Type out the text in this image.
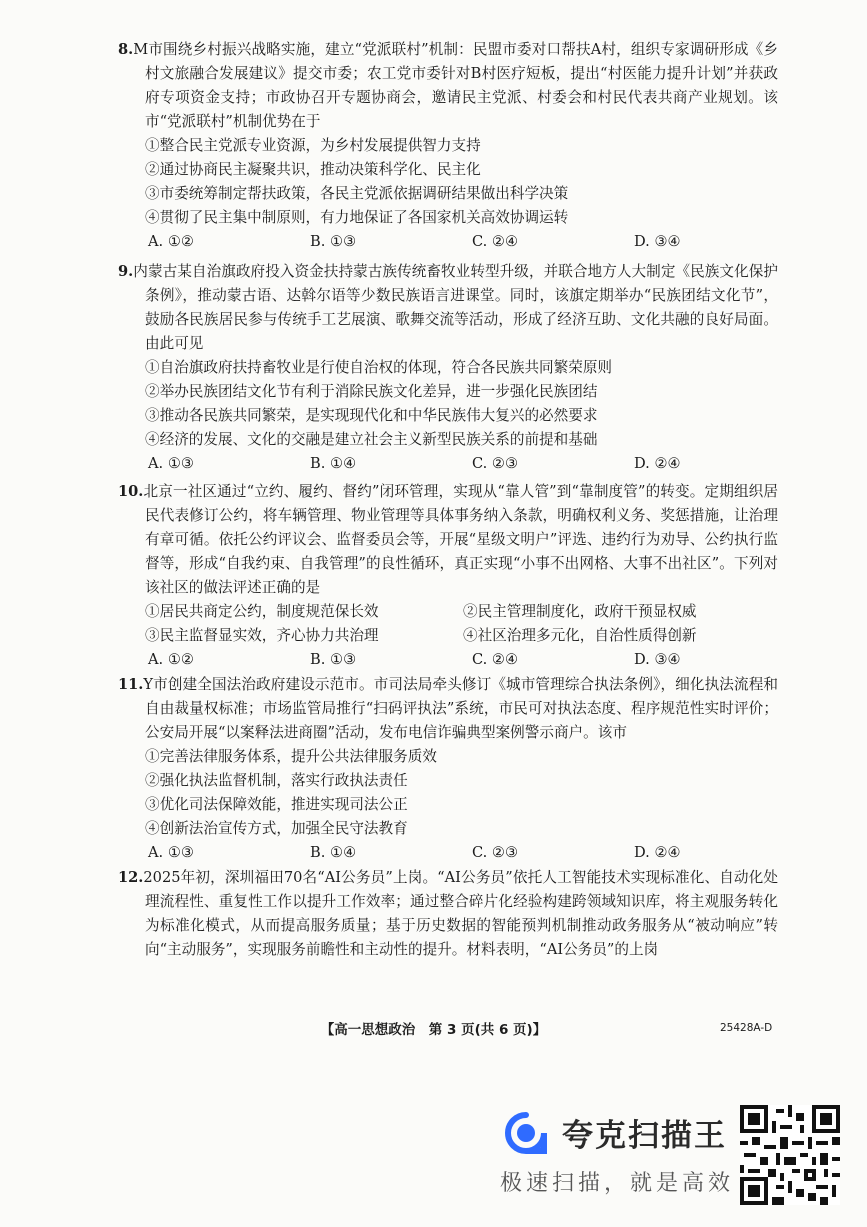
8.M市围绕乡村振兴战略实施，建立“党派联村”机制：民盟市委对口帮扶A村，组织专家调研形成《乡村文旅融合发展建议》提交市委；农工党市委针对B村医疗短板，提出“村医能力提升计划”并获政府专项资金支持；市政协召开专题协商会，邀请民主党派、村委会和村民代表共商产业规划。该市“党派联村”机制优势在于

①整合民主党派专业资源，为乡村发展提供智力支持
②通过协商民主凝聚共识，推动决策科学化、民主化
③市委统筹制定帮扶政策，各民主党派依据调研结果做出科学决策
④贯彻了民主集中制原则，有力地保证了各国家机关高效协调运转
A. ①②	B. ①③	C. ②④	D. ③④

9.内蒙古某自治旗政府投入资金扶持蒙古族传统畜牧业转型升级，并联合地方人大制定《民族文化保护条例》，推动蒙古语、达斡尔语等少数民族语言进课堂。同时，该旗定期举办“民族团结文化节”，鼓励各民族居民参与传统手工艺展演、歌舞交流等活动，形成了经济互助、文化共融的良好局面。由此可见

①自治旗政府扶持畜牧业是行使自治权的体现，符合各民族共同繁荣原则
②举办民族团结文化节有利于消除民族文化差异，进一步强化民族团结
③推动各民族共同繁荣，是实现现代化和中华民族伟大复兴的必然要求
④经济的发展、文化的交融是建立社会主义新型民族关系的前提和基础
A. ①③	B. ①④	C. ②③	D. ②④

10.北京一社区通过“立约、履约、督约”闭环管理，实现从“靠人管”到“靠制度管”的转变。定期组织居民代表修订公约，将车辆管理、物业管理等具体事务纳入条款，明确权利义务、奖惩措施，让治理有章可循。依托公约评议会、监督委员会等，开展“星级文明户”评选、违约行为劝导、公约执行监督等，形成“自我约束、自我管理”的良性循环，真正实现“小事不出网格、大事不出社区”。下列对该社区的做法评述正确的是

①居民共商定公约，制度规范保长效	②民主管理制度化，政府干预显权威
③民主监督显实效，齐心协力共治理	④社区治理多元化，自治性质得创新
A. ①②	B. ①③	C. ②④	D. ③④

11.Y市创建全国法治政府建设示范市。市司法局牵头修订《城市管理综合执法条例》，细化执法流程和自由裁量权标准；市场监管局推行“扫码评执法”系统，市民可对执法态度、程序规范性实时评价；公安局开展“以案释法进商圈”活动，发布电信诈骗典型案例警示商户。该市

①完善法律服务体系，提升公共法律服务质效
②强化执法监督机制，落实行政执法责任
③优化司法保障效能，推进实现司法公正
④创新法治宣传方式，加强全民守法教育
A. ①③	B. ①④	C. ②③	D. ②④

12.2025年初，深圳福田70名“AI公务员”上岗。“AI公务员”依托人工智能技术实现标准化、自动化处理流程性、重复性工作以提升工作效率；通过整合碎片化经验构建跨领域知识库，将主观服务转化为标准化模式，从而提高服务质量；基于历史数据的智能预判机制推动政务服务从“被动响应”转向“主动服务”，实现服务前瞻性和主动性的提升。材料表明，“AI公务员”的上岗

【高一思想政治　第 3 页(共 6 页)】	25428A-D
夸克扫描王
极速扫描，就是高效
